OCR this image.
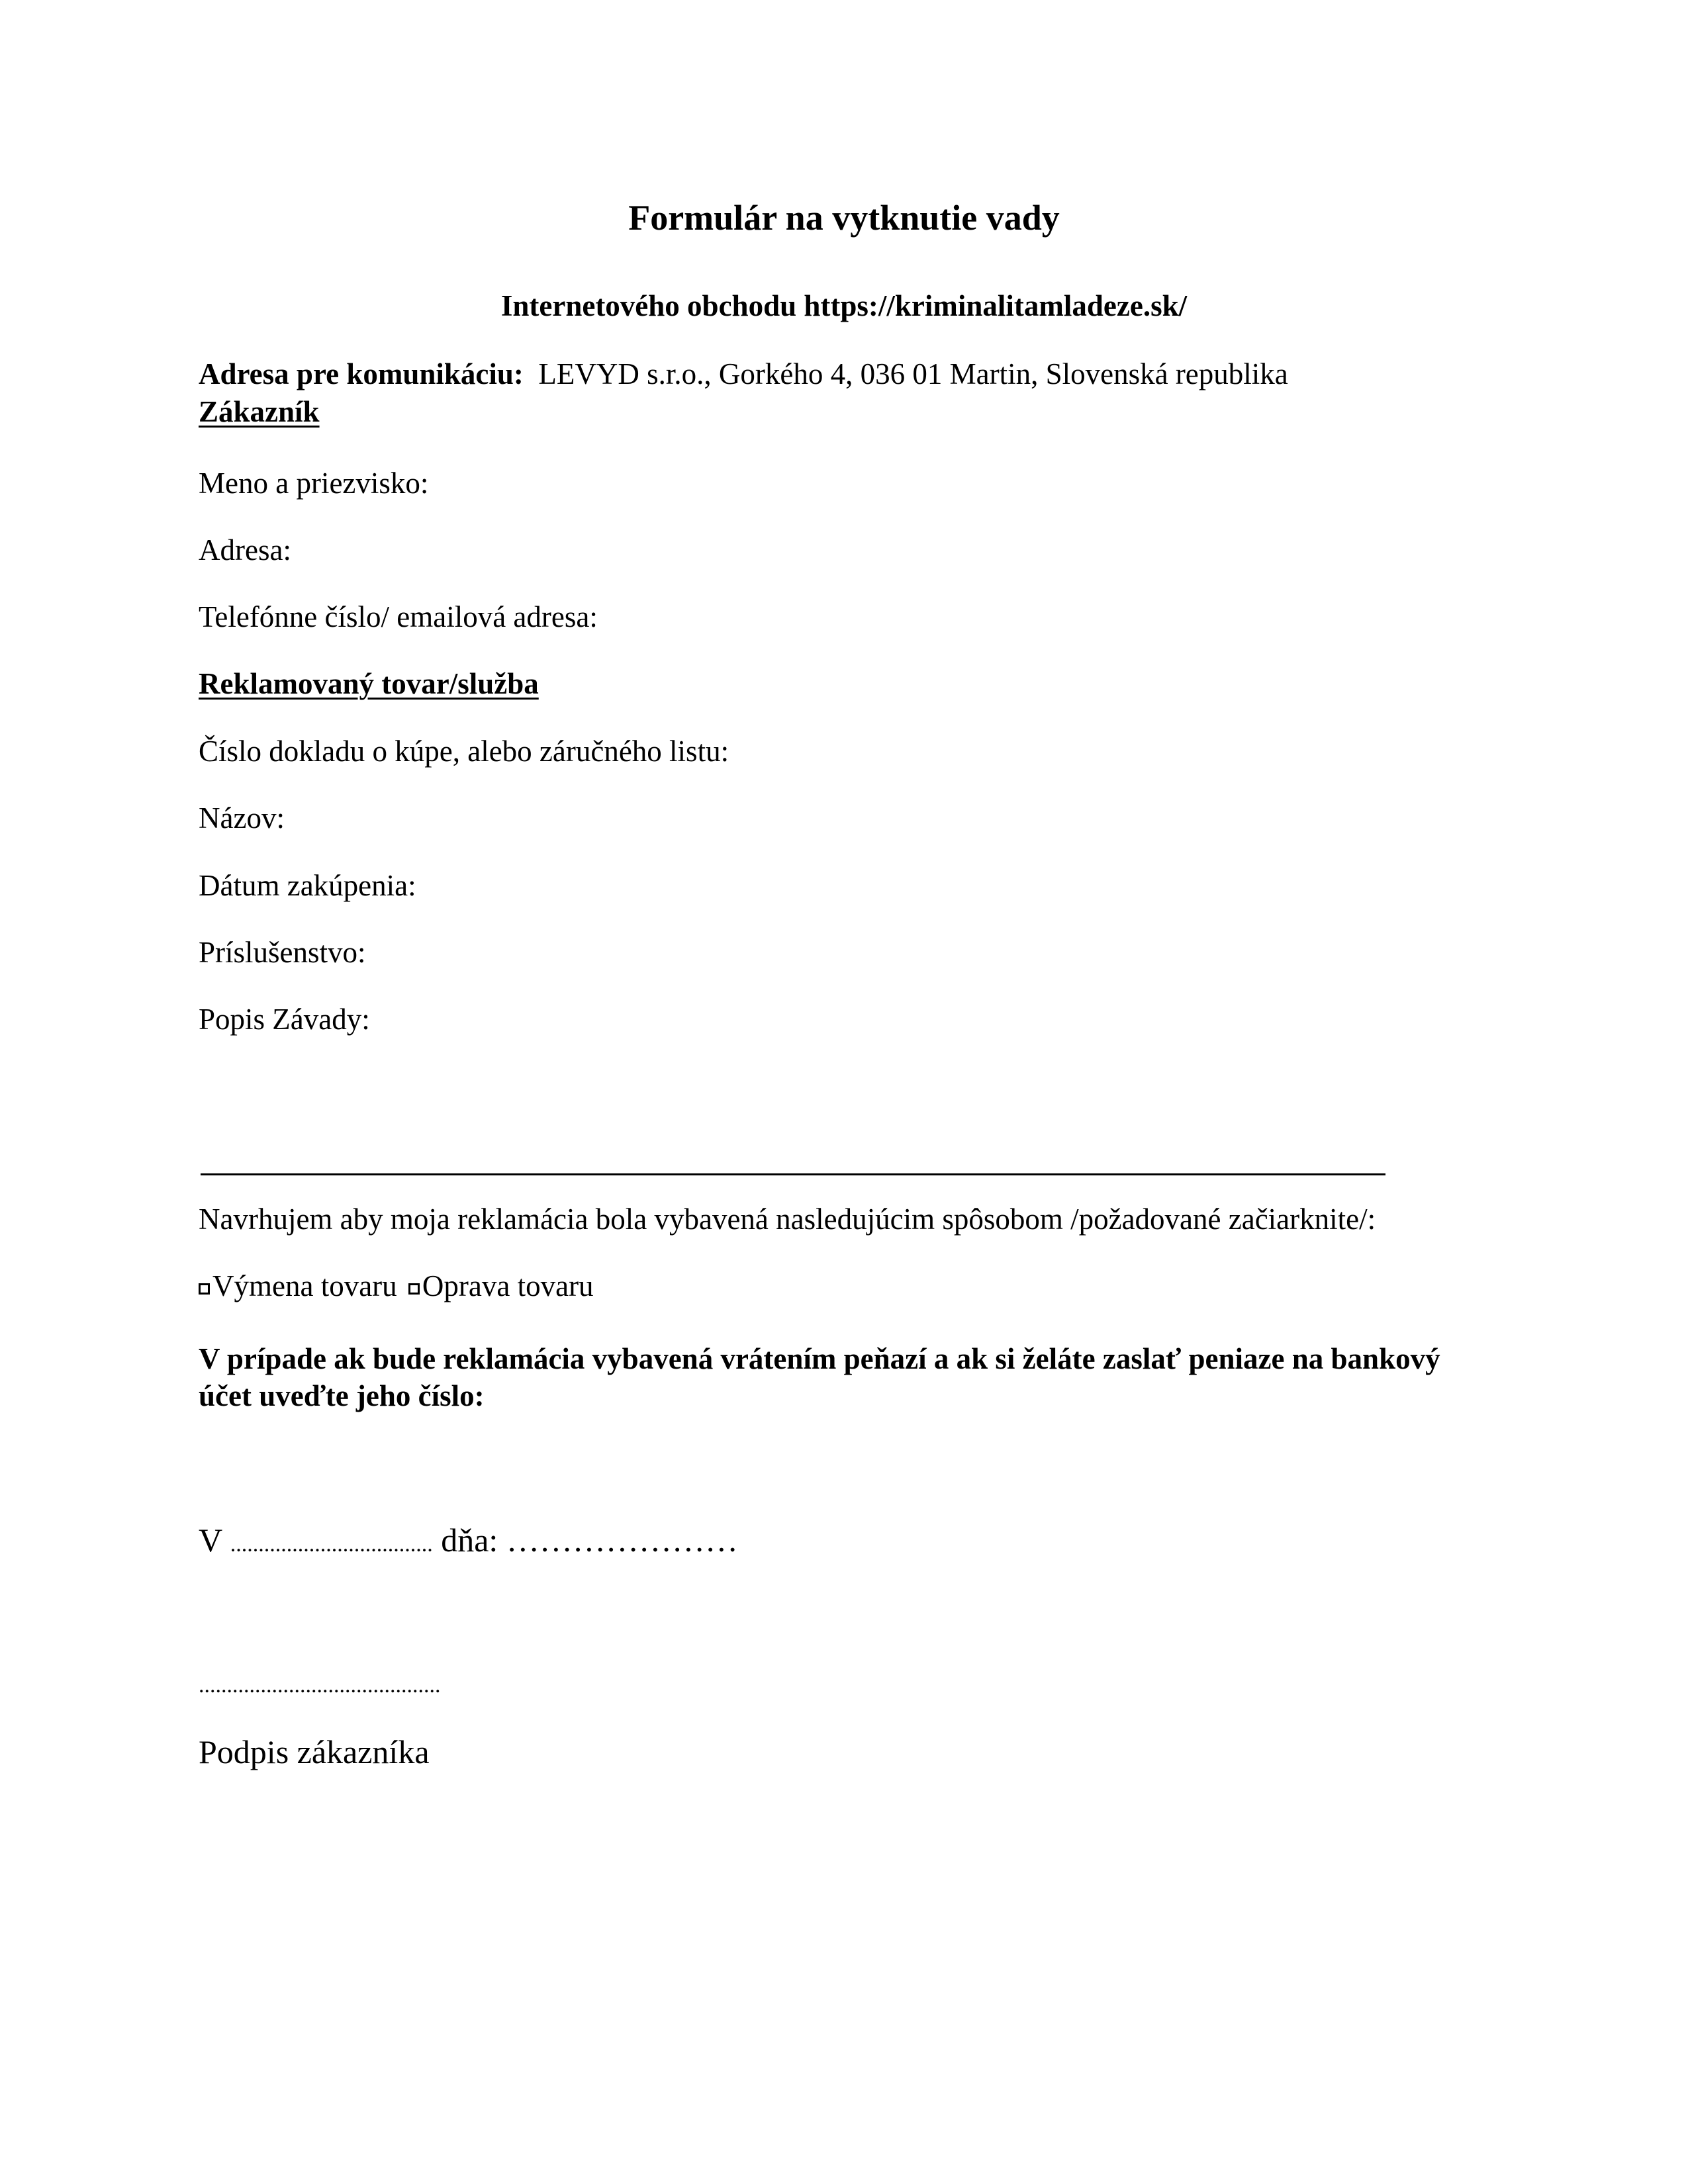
Formulár na vytknutie vady
Internetového obchodu https://kriminalitamladeze.sk/
Adresa pre komunikáciu: LEVYD s.r.o., Gorkého 4, 036 01 Martin, Slovenská republika
Zákazník
Meno a priezvisko:
Adresa:
Telefónne číslo/ emailová adresa:
Reklamovaný tovar/služba
Číslo dokladu o kúpe, alebo záručného listu:
Názov:
Dátum zakúpenia:
Príslušenstvo:
Popis Závady:
Navrhujem aby moja reklamácia bola vybavená nasledujúcim spôsobom /požadované začiarknite/:
Výmena tovaru Oprava tovaru
V prípade ak bude reklamácia vybavená vrátením peňazí a ak si želáte zaslať peniaze na bankový
účet uveďte jeho číslo:
V .................................... dňa: …………………
...........................................
Podpis zákazníka
